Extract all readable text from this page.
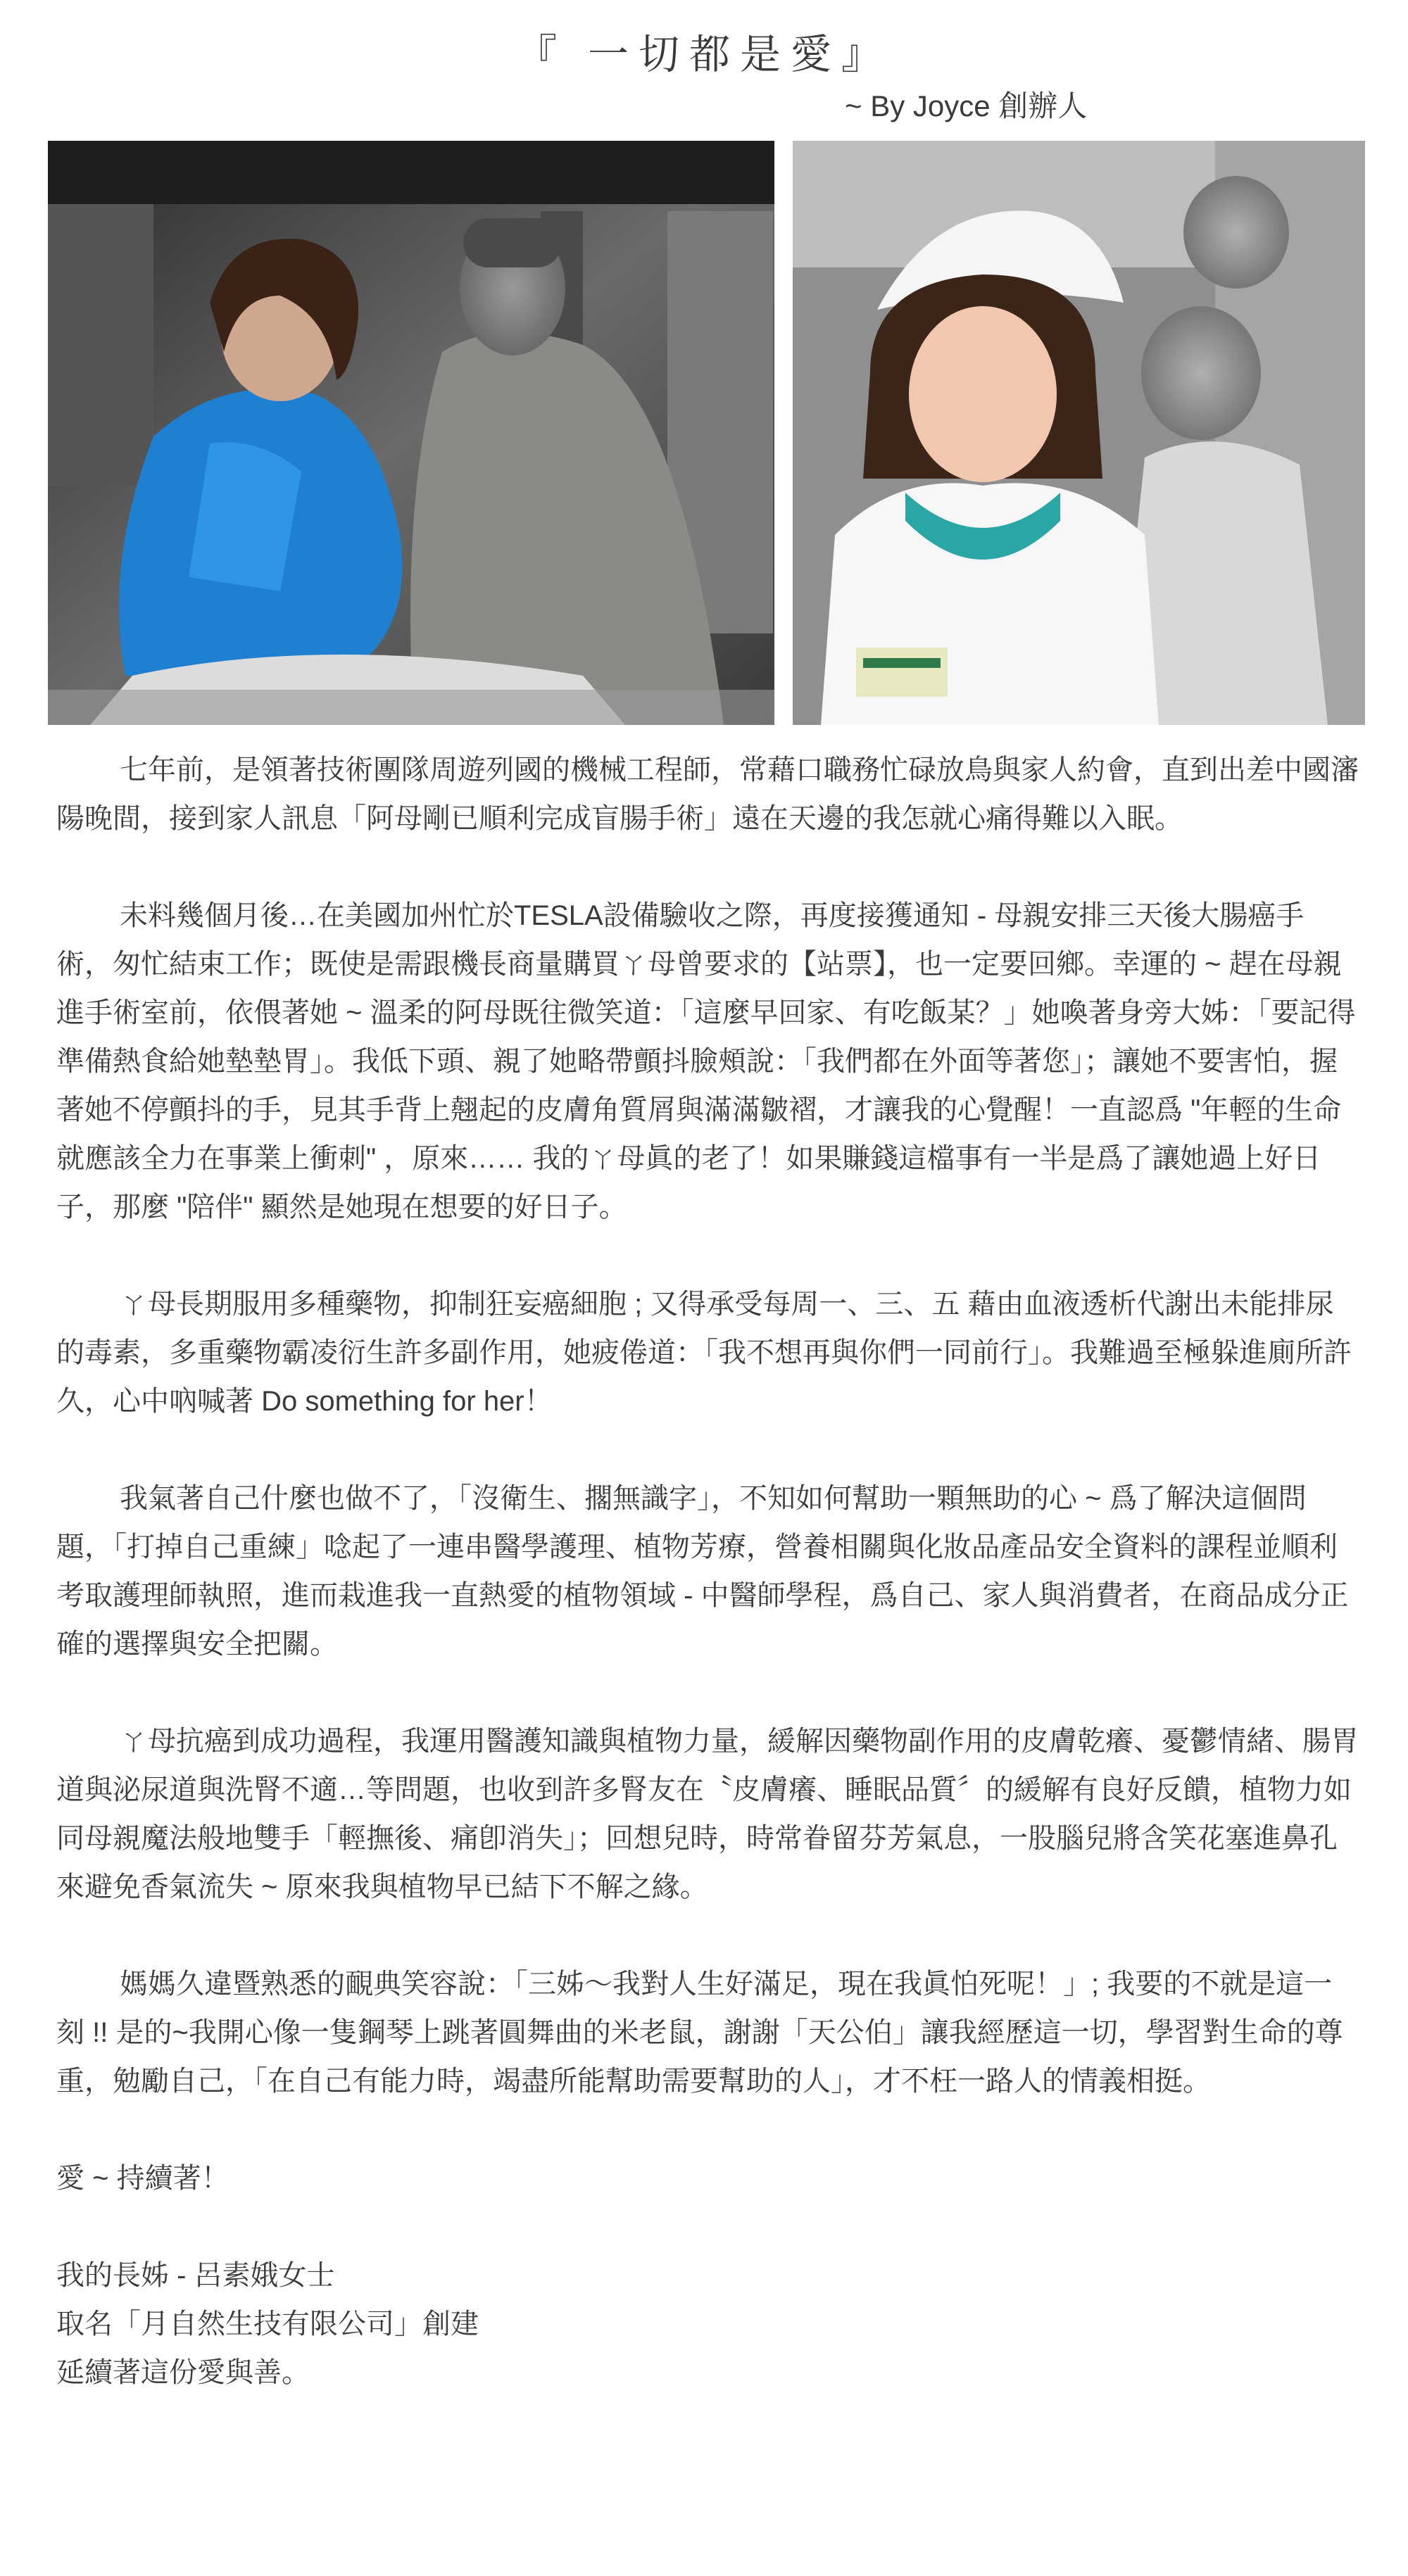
『 一切都是愛』
~ By Joyce 創辦人

七年前，是領著技術團隊周遊列國的機械工程師，常藉口職務忙碌放鳥與家人約會，直到出差中國瀋陽晚間，接到家人訊息「阿母剛已順利完成盲腸手術」遠在天邊的我怎就心痛得難以入眠。

未料幾個月後…在美國加州忙於TESLA設備驗收之際，再度接獲通知 - 母親安排三天後大腸癌手術，匆忙結束工作；既使是需跟機長商量購買ㄚ母曾要求的【站票】，也一定要回鄉。幸運的 ~ 趕在母親進手術室前，依偎著她 ~ 溫柔的阿母既往微笑道：「這麼早回家、有吃飯某？」她喚著身旁大姊：「要記得準備熱食給她墊墊胃」。我低下頭、親了她略帶顫抖臉頰說：「我們都在外面等著您」；讓她不要害怕，握著她不停顫抖的手，見其手背上翹起的皮膚角質屑與滿滿皺褶，才讓我的心覺醒！一直認爲 "年輕的生命就應該全力在事業上衝刺" ，原來…… 我的ㄚ母眞的老了！如果賺錢這檔事有一半是爲了讓她過上好日子，那麼 "陪伴" 顯然是她現在想要的好日子。

ㄚ母長期服用多種藥物，抑制狂妄癌細胞 ; 又得承受每周一、三、五 藉由血液透析代謝出未能排尿的毒素，多重藥物霸凌衍生許多副作用，她疲倦道：「我不想再與你們一同前行」。我難過至極躲進廁所許久，心中吶喊著 Do something for her！

我氣著自己什麼也做不了，「沒衛生、擱無識字」，不知如何幫助一顆無助的心 ~ 爲了解決這個問題，「打掉自己重練」唸起了一連串醫學護理、植物芳療，營養相關與化妝品產品安全資料的課程並順利考取護理師執照，進而栽進我一直熱愛的植物領域 - 中醫師學程，爲自己、家人與消費者，在商品成分正確的選擇與安全把關。

ㄚ母抗癌到成功過程，我運用醫護知識與植物力量，緩解因藥物副作用的皮膚乾癢、憂鬱情緒、腸胃道與泌尿道與洗腎不適…等問題，也收到許多腎友在〝皮膚癢、睡眠品質〞的緩解有良好反饋，植物力如同母親魔法般地雙手「輕撫後、痛卽消失」；回想兒時，時常眷留芬芳氣息，一股腦兒將含笑花塞進鼻孔來避免香氣流失 ~ 原來我與植物早已結下不解之緣。

媽媽久違暨熟悉的靦典笑容說：「三姊～我對人生好滿足，現在我眞怕死呢！」; 我要的不就是這一刻 !! 是的~我開心像一隻鋼琴上跳著圓舞曲的米老鼠，謝謝「天公伯」讓我經歷這一切，學習對生命的尊重，勉勵自己，「在自己有能力時，竭盡所能幫助需要幫助的人」，才不枉一路人的情義相挺。

愛 ~ 持續著！

我的長姊 - 呂素娥女士
取名「月自然生技有限公司」創建
延續著這份愛與善。
